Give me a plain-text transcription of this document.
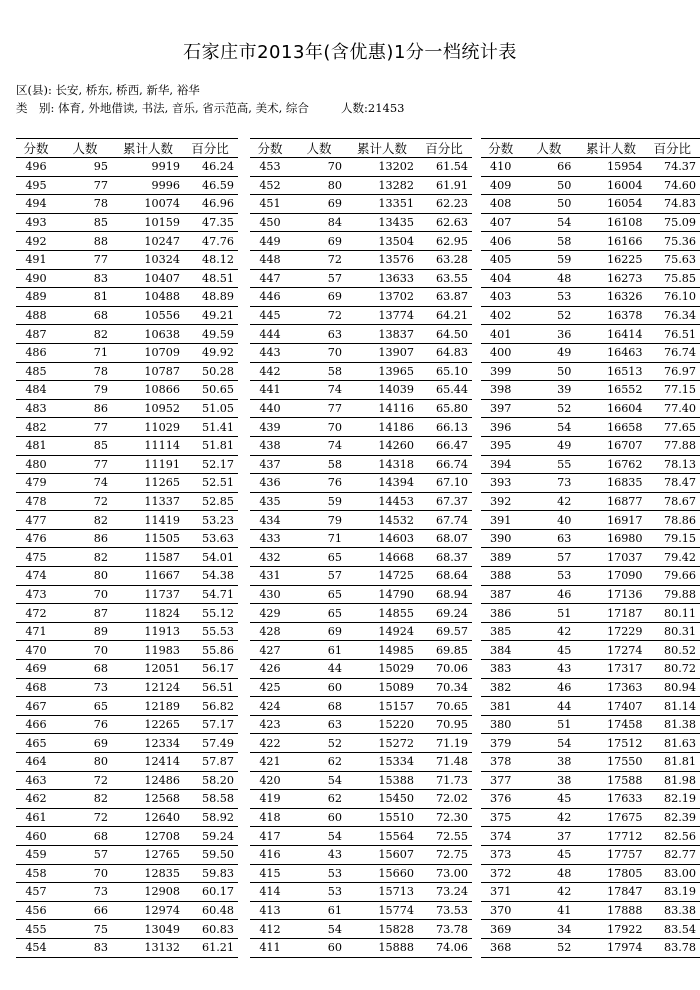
石家庄市2013年(含优惠)1分一档统计表
区(县): 长安, 桥东, 桥西, 新华, 裕华
类　别: 体育, 外地借读, 书法, 音乐, 省示范高, 美术, 综合	人数:21453
分数	人数	累计人数	百分比
496	95	9919	46.24
495	77	9996	46.59
494	78	10074	46.96
493	85	10159	47.35
492	88	10247	47.76
491	77	10324	48.12
490	83	10407	48.51
489	81	10488	48.89
488	68	10556	49.21
487	82	10638	49.59
486	71	10709	49.92
485	78	10787	50.28
484	79	10866	50.65
483	86	10952	51.05
482	77	11029	51.41
481	85	11114	51.81
480	77	11191	52.17
479	74	11265	52.51
478	72	11337	52.85
477	82	11419	53.23
476	86	11505	53.63
475	82	11587	54.01
474	80	11667	54.38
473	70	11737	54.71
472	87	11824	55.12
471	89	11913	55.53
470	70	11983	55.86
469	68	12051	56.17
468	73	12124	56.51
467	65	12189	56.82
466	76	12265	57.17
465	69	12334	57.49
464	80	12414	57.87
463	72	12486	58.20
462	82	12568	58.58
461	72	12640	58.92
460	68	12708	59.24
459	57	12765	59.50
458	70	12835	59.83
457	73	12908	60.17
456	66	12974	60.48
455	75	13049	60.83
454	83	13132	61.21
分数	人数	累计人数	百分比
453	70	13202	61.54
452	80	13282	61.91
451	69	13351	62.23
450	84	13435	62.63
449	69	13504	62.95
448	72	13576	63.28
447	57	13633	63.55
446	69	13702	63.87
445	72	13774	64.21
444	63	13837	64.50
443	70	13907	64.83
442	58	13965	65.10
441	74	14039	65.44
440	77	14116	65.80
439	70	14186	66.13
438	74	14260	66.47
437	58	14318	66.74
436	76	14394	67.10
435	59	14453	67.37
434	79	14532	67.74
433	71	14603	68.07
432	65	14668	68.37
431	57	14725	68.64
430	65	14790	68.94
429	65	14855	69.24
428	69	14924	69.57
427	61	14985	69.85
426	44	15029	70.06
425	60	15089	70.34
424	68	15157	70.65
423	63	15220	70.95
422	52	15272	71.19
421	62	15334	71.48
420	54	15388	71.73
419	62	15450	72.02
418	60	15510	72.30
417	54	15564	72.55
416	43	15607	72.75
415	53	15660	73.00
414	53	15713	73.24
413	61	15774	73.53
412	54	15828	73.78
411	60	15888	74.06
分数	人数	累计人数	百分比
410	66	15954	74.37
409	50	16004	74.60
408	50	16054	74.83
407	54	16108	75.09
406	58	16166	75.36
405	59	16225	75.63
404	48	16273	75.85
403	53	16326	76.10
402	52	16378	76.34
401	36	16414	76.51
400	49	16463	76.74
399	50	16513	76.97
398	39	16552	77.15
397	52	16604	77.40
396	54	16658	77.65
395	49	16707	77.88
394	55	16762	78.13
393	73	16835	78.47
392	42	16877	78.67
391	40	16917	78.86
390	63	16980	79.15
389	57	17037	79.42
388	53	17090	79.66
387	46	17136	79.88
386	51	17187	80.11
385	42	17229	80.31
384	45	17274	80.52
383	43	17317	80.72
382	46	17363	80.94
381	44	17407	81.14
380	51	17458	81.38
379	54	17512	81.63
378	38	17550	81.81
377	38	17588	81.98
376	45	17633	82.19
375	42	17675	82.39
374	37	17712	82.56
373	45	17757	82.77
372	48	17805	83.00
371	42	17847	83.19
370	41	17888	83.38
369	34	17922	83.54
368	52	17974	83.78
